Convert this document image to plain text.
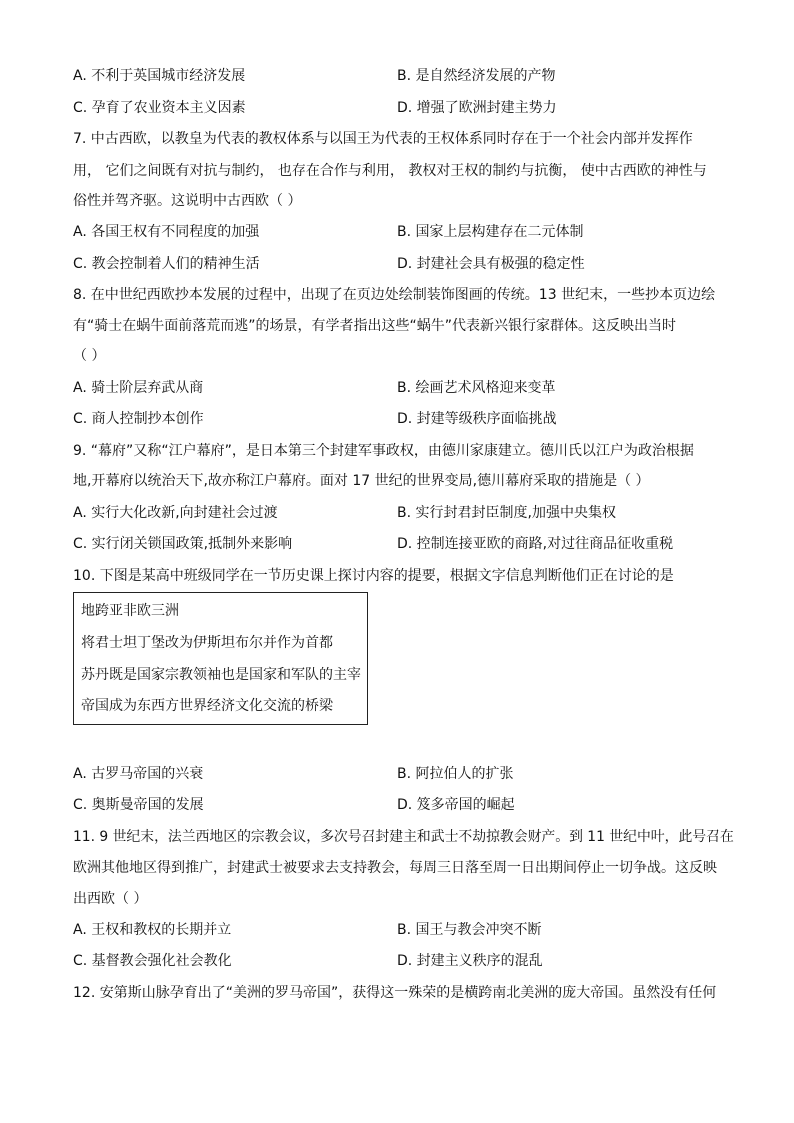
A. 不利于英国城市经济发展	B. 是自然经济发展的产物
C. 孕育了农业资本主义因素	D. 增强了欧洲封建主势力
7. 中古西欧，以教皇为代表的教权体系与以国王为代表的王权体系同时存在于一个社会内部并发挥作
用， 它们之间既有对抗与制约， 也存在合作与利用， 教权对王权的制约与抗衡， 使中古西欧的神性与
俗性并驾齐驱。这说明中古西欧（ ）
A. 各国王权有不同程度的加强	B. 国家上层构建存在二元体制
C. 教会控制着人们的精神生活	D. 封建社会具有极强的稳定性
8. 在中世纪西欧抄本发展的过程中，出现了在页边处绘制装饰图画的传统。13 世纪末，一些抄本页边绘
有“骑士在蜗牛面前落荒而逃”的场景，有学者指出这些“蜗牛”代表新兴银行家群体。这反映出当时
（ ）
A. 骑士阶层弃武从商	B. 绘画艺术风格迎来变革
C. 商人控制抄本创作	D. 封建等级秩序面临挑战
9. “幕府”又称“江户幕府”，是日本第三个封建军事政权，由德川家康建立。德川氏以江户为政治根据
地,开幕府以统治天下,故亦称江户幕府。面对 17 世纪的世界变局,德川幕府采取的措施是（ ）
A. 实行大化改新,向封建社会过渡	B. 实行封君封臣制度,加强中央集权
C. 实行闭关锁国政策,抵制外来影响	D. 控制连接亚欧的商路,对过往商品征收重税
10. 下图是某高中班级同学在一节历史课上探讨内容的提要，根据文字信息判断他们正在讨论的是
地跨亚非欧三洲
将君士坦丁堡改为伊斯坦布尔并作为首都
苏丹既是国家宗教领袖也是国家和军队的主宰
帝国成为东西方世界经济文化交流的桥梁
A. 古罗马帝国的兴衰	B. 阿拉伯人的扩张
C. 奥斯曼帝国的发展	D. 笈多帝国的崛起
11. 9 世纪末，法兰西地区的宗教会议，多次号召封建主和武士不劫掠教会财产。到 11 世纪中叶，此号召在
欧洲其他地区得到推广，封建武士被要求去支持教会，每周三日落至周一日出期间停止一切争战。这反映
出西欧（ ）
A. 王权和教权的长期并立	B. 国王与教会冲突不断
C. 基督教会强化社会教化	D. 封建主义秩序的混乱
12. 安第斯山脉孕育出了“美洲的罗马帝国”，获得这一殊荣的是横跨南北美洲的庞大帝国。虽然没有任何
